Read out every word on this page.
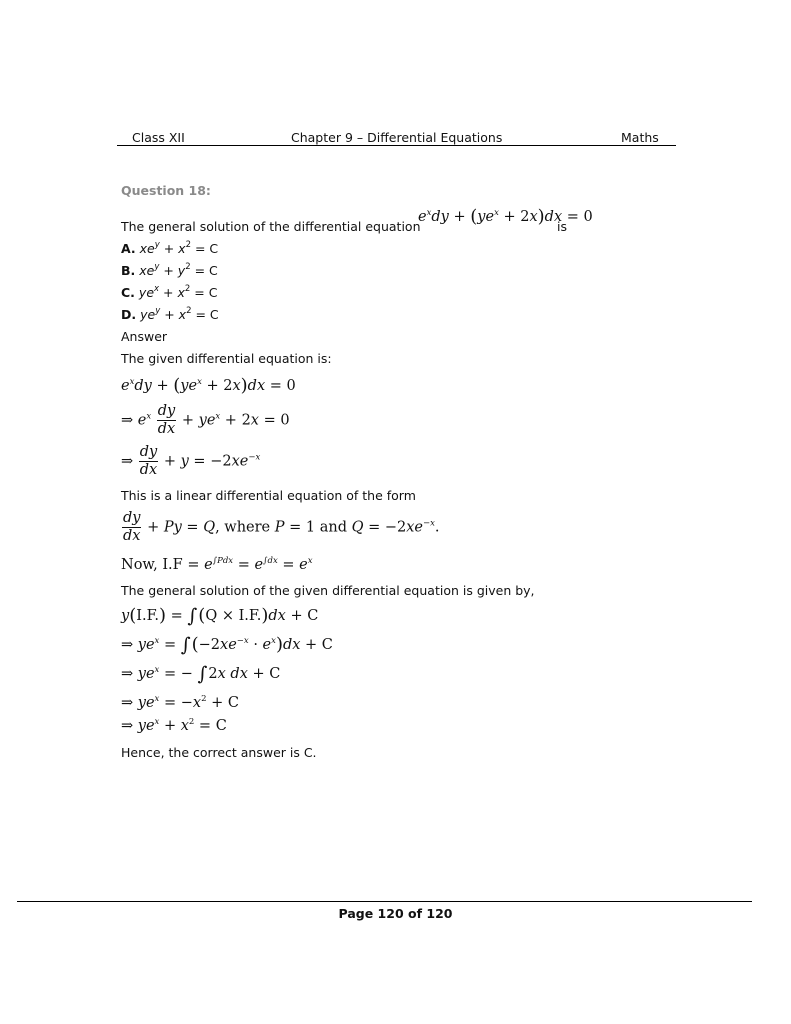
Class XII	Chapter 9 – Differential Equations	Maths
Question 18:
The general solution of the differential equation
$e^xdy + (ye^x + 2x)dx = 0$
is
A. $xe^y + x^2 = C$
B. $xe^y + y^2 = C$
C. $ye^x + x^2 = C$
D. $ye^y + x^2 = C$
Answer
The given differential equation is:
$e^xdy + (ye^x + 2x)dx = 0$
⇒ $e^x \frac{dy}{dx} + ye^x + 2x = 0$
⇒ $\frac{dy}{dx} + y = -2xe^{-x}$
This is a linear differential equation of the form
$\frac{dy}{dx} + Py = Q$, where P = 1 and $Q = -2xe^{-x}$.
Now, $I.F = e^{\int Pdx} = e^{\int dx} = e^x$
The general solution of the given differential equation is given by,
y(I.F.) = ∫(Q × I.F.)dx + C
⇒ $ye^x = \int(-2xe^{-x} \cdot e^x)dx + C$
⇒ $ye^x$ = − ∫2x dx + C
⇒ $ye^x = -x^2 + C$
⇒ $ye^x + x^2 = C$
Hence, the correct answer is C.
Page 120 of 120
